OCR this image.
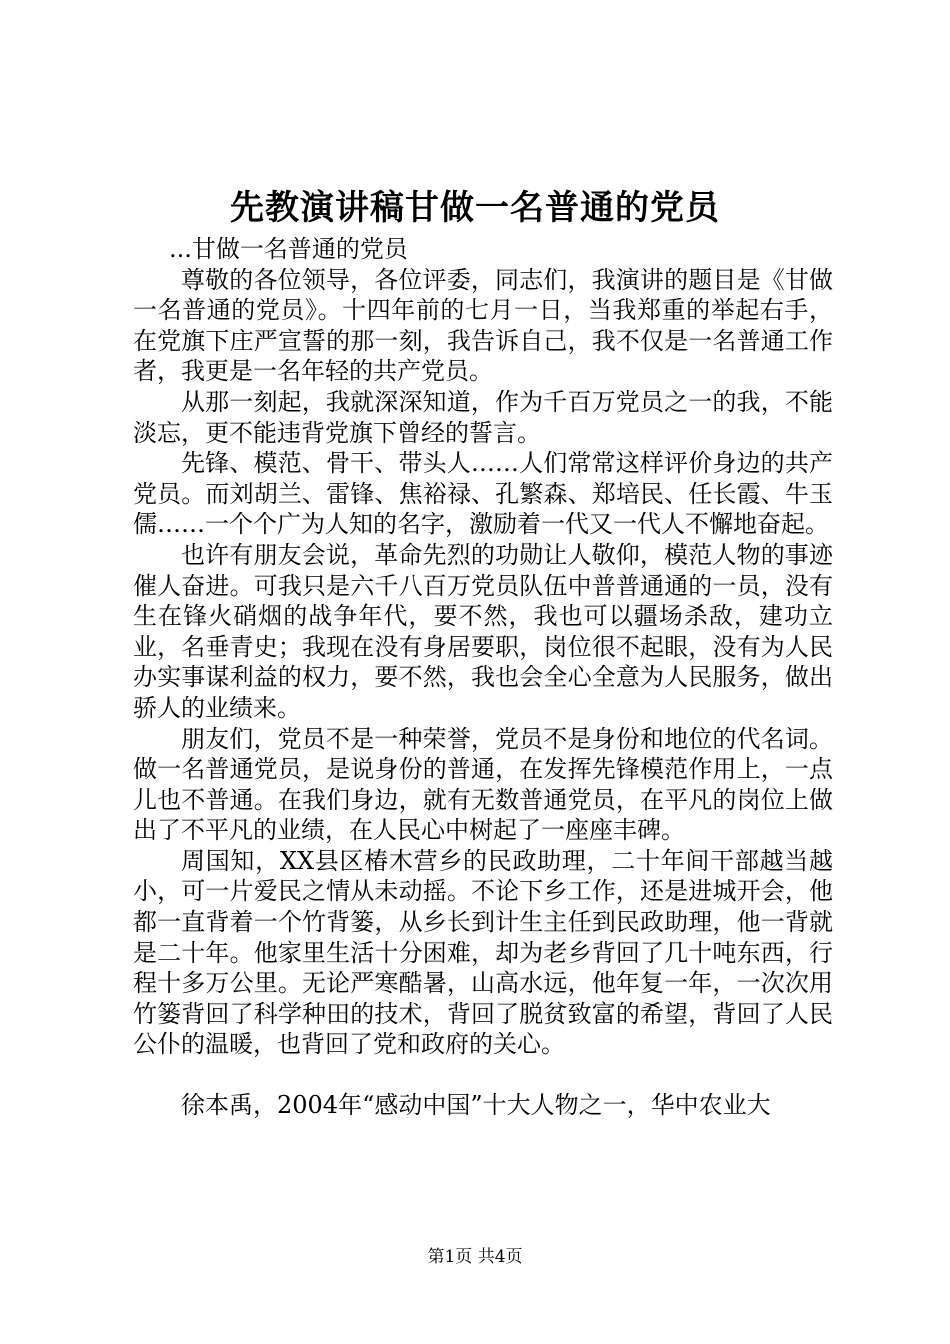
先教演讲稿甘做一名普通的党员

...甘做一名普通的党员

尊敬的各位领导，各位评委，同志们，我演讲的题目是《甘做一名普通的党员》。十四年前的七月一日，当我郑重的举起右手，在党旗下庄严宣誓的那一刻，我告诉自己，我不仅是一名普通工作者，我更是一名年轻的共产党员。

从那一刻起，我就深深知道，作为千百万党员之一的我，不能淡忘，更不能违背党旗下曾经的誓言。

先锋、模范、骨干、带头人……人们常常这样评价身边的共产党员。而刘胡兰、雷锋、焦裕禄、孔繁森、郑培民、任长霞、牛玉儒……一个个广为人知的名字，激励着一代又一代人不懈地奋起。

也许有朋友会说，革命先烈的功勋让人敬仰，模范人物的事迹催人奋进。可我只是六千八百万党员队伍中普普通通的一员，没有生在锋火硝烟的战争年代，要不然，我也可以疆场杀敌，建功立业，名垂青史；我现在没有身居要职，岗位很不起眼，没有为人民办实事谋利益的权力，要不然，我也会全心全意为人民服务，做出骄人的业绩来。

朋友们，党员不是一种荣誉，党员不是身份和地位的代名词。做一名普通党员，是说身份的普通，在发挥先锋模范作用上，一点儿也不普通。在我们身边，就有无数普通党员，在平凡的岗位上做出了不平凡的业绩，在人民心中树起了一座座丰碑。

周国知，XX县区椿木营乡的民政助理，二十年间干部越当越小，可一片爱民之情从未动摇。不论下乡工作，还是进城开会，他都一直背着一个竹背篓，从乡长到计生主任到民政助理，他一背就是二十年。他家里生活十分困难，却为老乡背回了几十吨东西，行程十多万公里。无论严寒酷暑，山高水远，他年复一年，一次次用竹篓背回了科学种田的技术，背回了脱贫致富的希望，背回了人民公仆的温暖，也背回了党和政府的关心。

徐本禹，2004年“感动中国”十大人物之一，华中农业大

第1页 共4页
